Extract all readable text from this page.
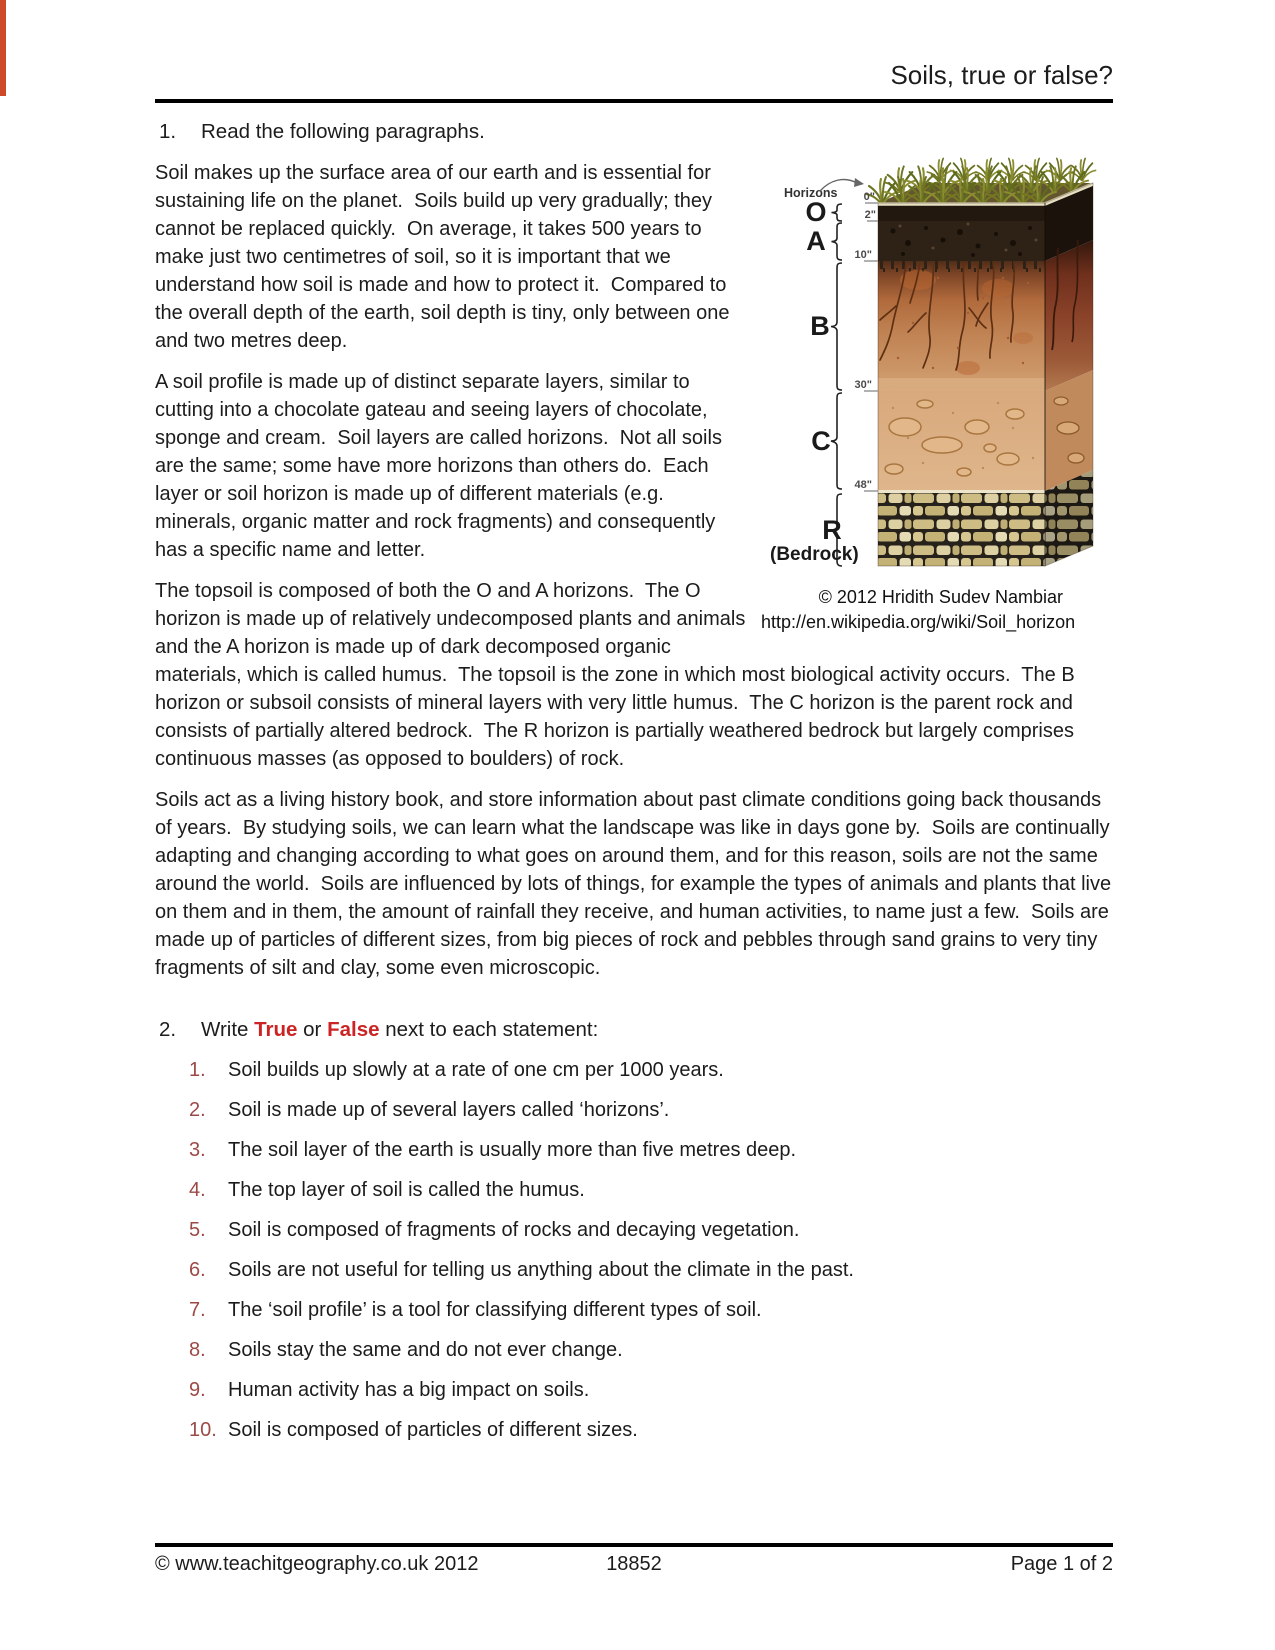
Soils, true or false?
1.	Read the following paragraphs.
Horizons 0"
2"
10"
30"
48"
O
A
B
C
R
(Bedrock)
© 2012 Hridith Sudev Nambiar
http://en.wikipedia.org/wiki/Soil_horizon

Soil makes up the surface area of our earth and is essential for sustaining life on the planet.  Soils build up very gradually; they cannot be replaced quickly.  On average, it takes 500 years to make just two centimetres of soil, so it is important that we understand how soil is made and how to protect it.  Compared to the overall depth of the earth, soil depth is tiny, only between one and two metres deep.

A soil profile is made up of distinct separate layers, similar to cutting into a chocolate gateau and seeing layers of chocolate, sponge and cream.  Soil layers are called horizons.  Not all soils are the same; some have more horizons than others do.  Each layer or soil horizon is made up of different materials (e.g. minerals, organic matter and rock fragments) and consequently has a specific name and letter.

The topsoil is composed of both the O and A horizons.  The O horizon is made up of relatively undecomposed plants and animals and the A horizon is made up of dark decomposed organic materials, which is called humus.  The topsoil is the zone in which most biological activity occurs.  The B horizon or subsoil consists of mineral layers with very little humus.  The C horizon is the parent rock and consists of partially altered bedrock.  The R horizon is partially weathered bedrock but largely comprises continuous masses (as opposed to boulders) of rock.

Soils act as a living history book, and store information about past climate conditions going back thousands of years.  By studying soils, we can learn what the landscape was like in days gone by.  Soils are continually adapting and changing according to what goes on around them, and for this reason, soils are not the same around the world.  Soils are influenced by lots of things, for example the types of animals and plants that live on them and in them, the amount of rainfall they receive, and human activities, to name just a few.  Soils are made up of particles of different sizes, from big pieces of rock and pebbles through sand grains to very tiny fragments of silt and clay, some even microscopic.

2.	Write True or False next to each statement:
1.	Soil builds up slowly at a rate of one cm per 1000 years.
2.	Soil is made up of several layers called ‘horizons’.
3.	The soil layer of the earth is usually more than five metres deep.
4.	The top layer of soil is called the humus.
5.	Soil is composed of fragments of rocks and decaying vegetation.
6.	Soils are not useful for telling us anything about the climate in the past.
7.	The ‘soil profile’ is a tool for classifying different types of soil.
8.	Soils stay the same and do not ever change.
9.	Human activity has a big impact on soils.
10. Soil is composed of particles of different sizes.
© www.teachitgeography.co.uk 2012	18852	Page 1 of 2
